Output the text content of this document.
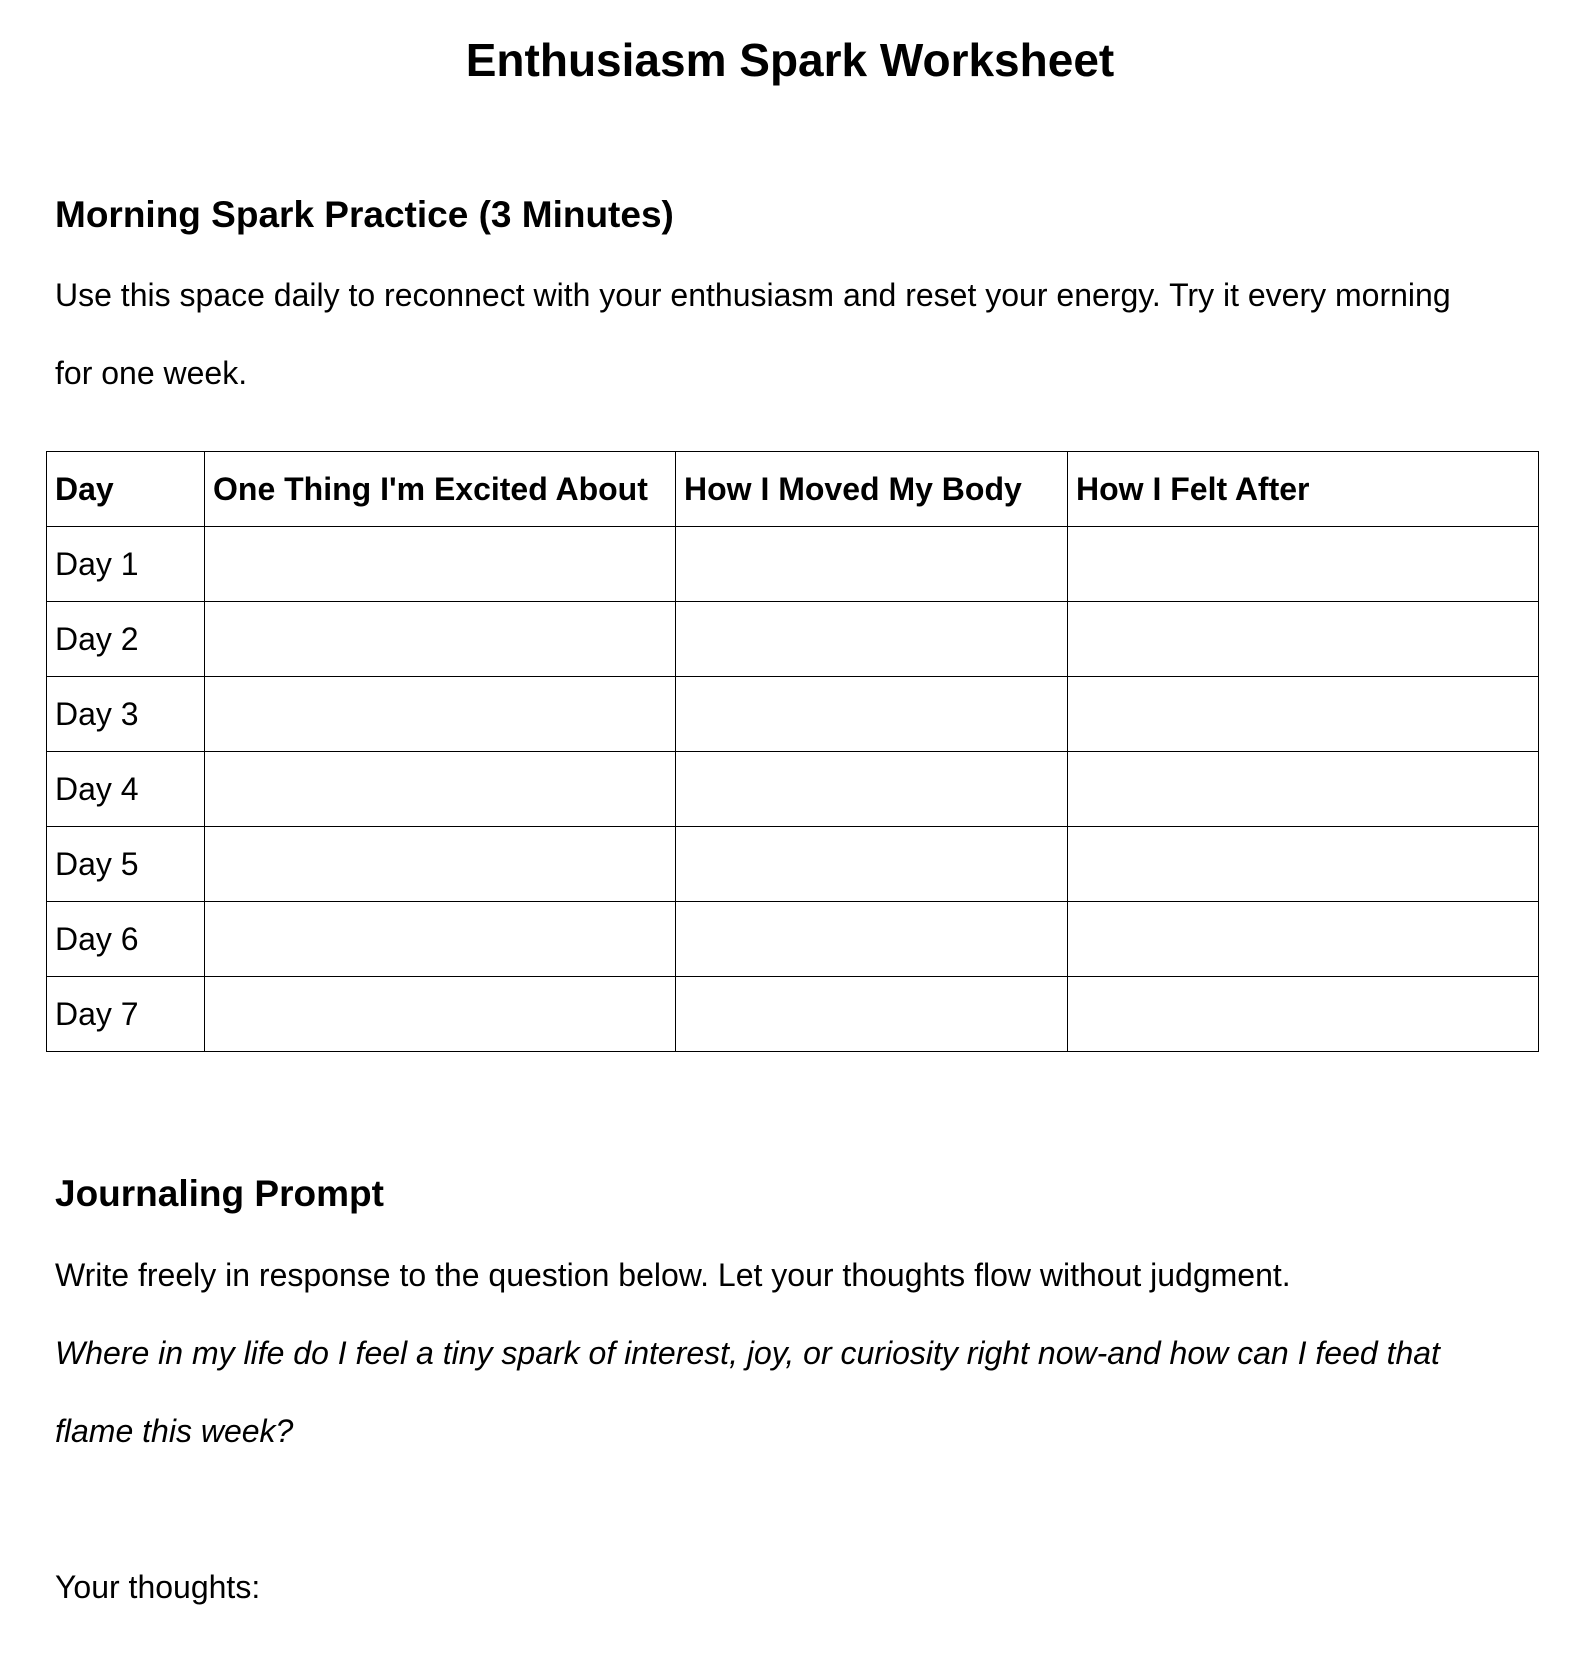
Enthusiasm Spark Worksheet
Morning Spark Practice (3 Minutes)

Use this space daily to reconnect with your enthusiasm and reset your energy. Try it every morning

for one week.

Day	One Thing I'm Excited About	How I Moved My Body	How I Felt After
Day 1			
Day 2			
Day 3			
Day 4			
Day 5			
Day 6			
Day 7			
Journaling Prompt

Write freely in response to the question below. Let your thoughts flow without judgment.

Where in my life do I feel a tiny spark of interest, joy, or curiosity right now-and how can I feed that

flame this week?

Your thoughts:
